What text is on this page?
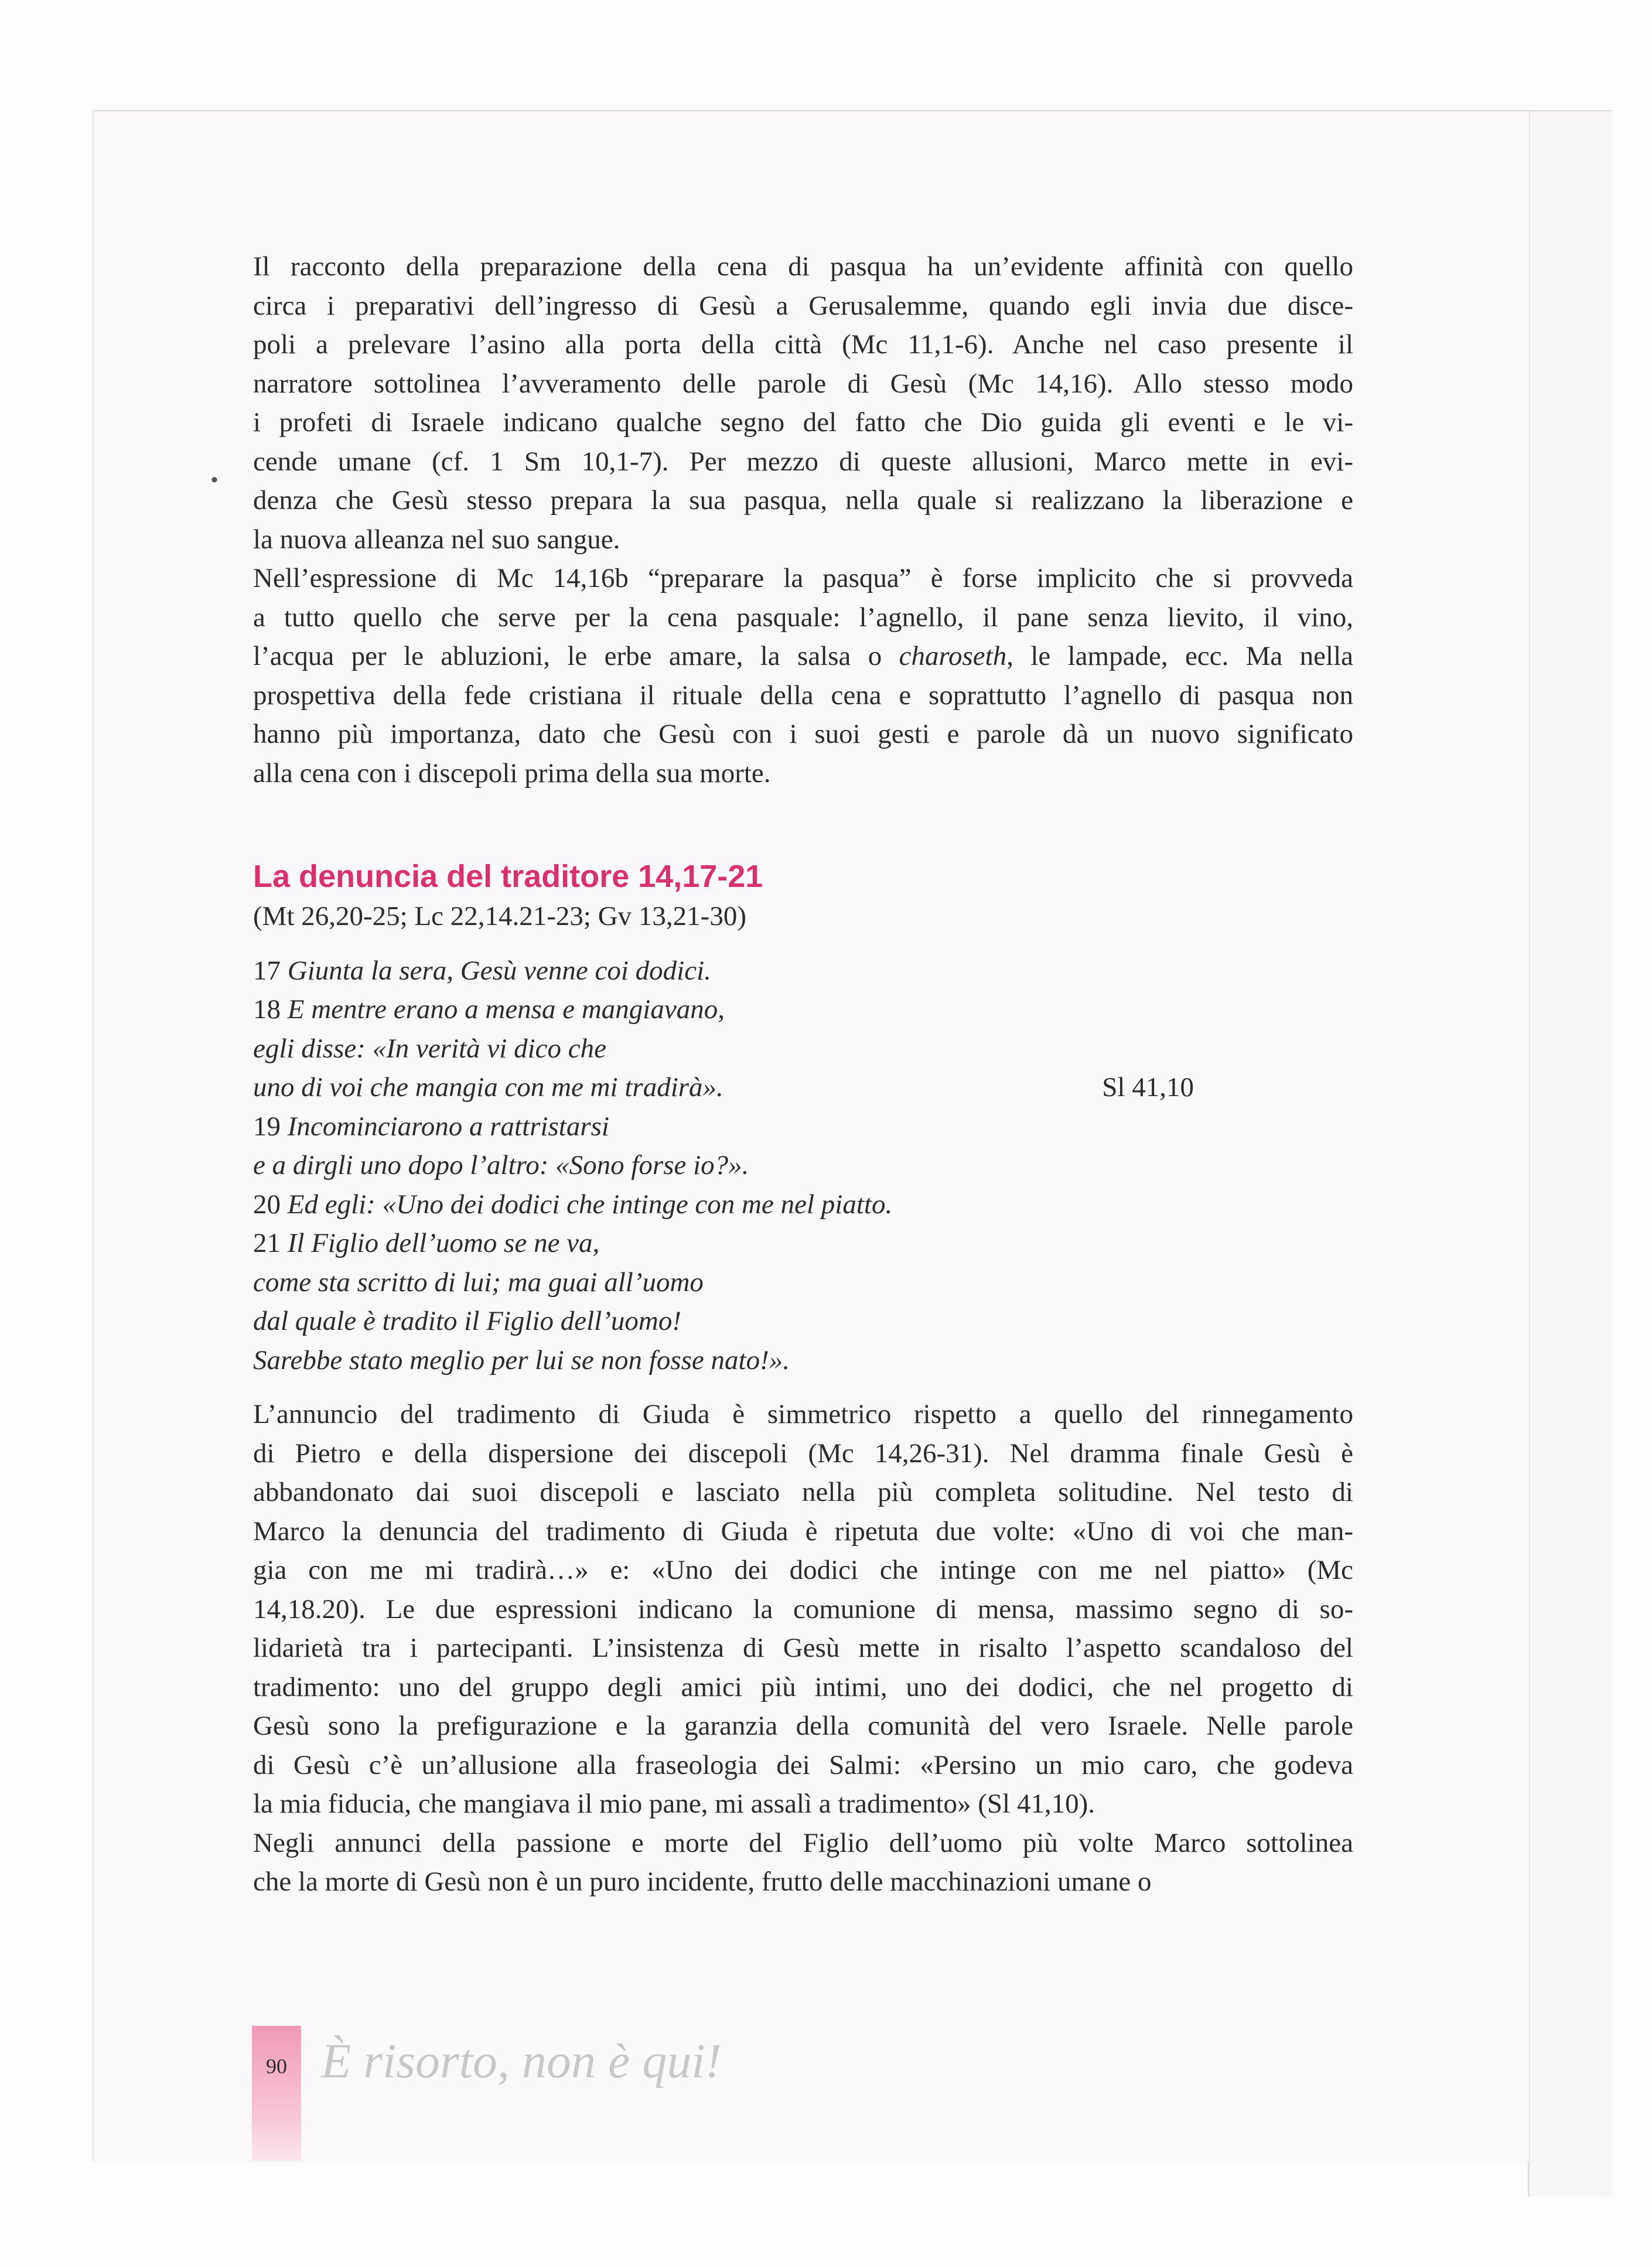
•

Il racconto della preparazione della cena di pasqua ha un’evidente affinità con quello
circa i preparativi dell’ingresso di Gesù a Gerusalemme, quando egli invia due disce-
poli a prelevare l’asino alla porta della città (Mc 11,1-6). Anche nel caso presente il
narratore sottolinea l’avveramento delle parole di Gesù (Mc 14,16). Allo stesso modo
i profeti di Israele indicano qualche segno del fatto che Dio guida gli eventi e le vi-
cende umane (cf. 1 Sm 10,1-7). Per mezzo di queste allusioni, Marco mette in evi-
denza che Gesù stesso prepara la sua pasqua, nella quale si realizzano la liberazione e
la nuova alleanza nel suo sangue.

Nell’espressione di Mc 14,16b “preparare la pasqua” è forse implicito che si provveda
a tutto quello che serve per la cena pasquale: l’agnello, il pane senza lievito, il vino,
l’acqua per le abluzioni, le erbe amare, la salsa o charoseth, le lampade, ecc. Ma nella
prospettiva della fede cristiana il rituale della cena e soprattutto l’agnello di pasqua non
hanno più importanza, dato che Gesù con i suoi gesti e parole dà un nuovo significato
alla cena con i discepoli prima della sua morte.

La denuncia del traditore 14,17-21

(Mt 26,20-25; Lc 22,14.21-23; Gv 13,21-30)

17 Giunta la sera, Gesù venne coi dodici.
18 E mentre erano a mensa e mangiavano,
egli disse: «In verità vi dico che
uno di voi che mangia con me mi tradirà».	Sl 41,10
19 Incominciarono a rattristarsi
e a dirgli uno dopo l’altro: «Sono forse io?».
20 Ed egli: «Uno dei dodici che intinge con me nel piatto.
21 Il Figlio dell’uomo se ne va,
come sta scritto di lui; ma guai all’uomo
dal quale è tradito il Figlio dell’uomo!
Sarebbe stato meglio per lui se non fosse nato!».

L’annuncio del tradimento di Giuda è simmetrico rispetto a quello del rinnegamento
di Pietro e della dispersione dei discepoli (Mc 14,26-31). Nel dramma finale Gesù è
abbandonato dai suoi discepoli e lasciato nella più completa solitudine. Nel testo di
Marco la denuncia del tradimento di Giuda è ripetuta due volte: «Uno di voi che man-
gia con me mi tradirà…» e: «Uno dei dodici che intinge con me nel piatto» (Mc
14,18.20). Le due espressioni indicano la comunione di mensa, massimo segno di so-
lidarietà tra i partecipanti. L’insistenza di Gesù mette in risalto l’aspetto scandaloso del
tradimento: uno del gruppo degli amici più intimi, uno dei dodici, che nel progetto di
Gesù sono la prefigurazione e la garanzia della comunità del vero Israele. Nelle parole
di Gesù c’è un’allusione alla fraseologia dei Salmi: «Persino un mio caro, che godeva
la mia fiducia, che mangiava il mio pane, mi assalì a tradimento» (Sl 41,10).

Negli annunci della passione e morte del Figlio dell’uomo più volte Marco sottolinea
che la morte di Gesù non è un puro incidente, frutto delle macchinazioni umane o

90 È risorto, non è qui!
